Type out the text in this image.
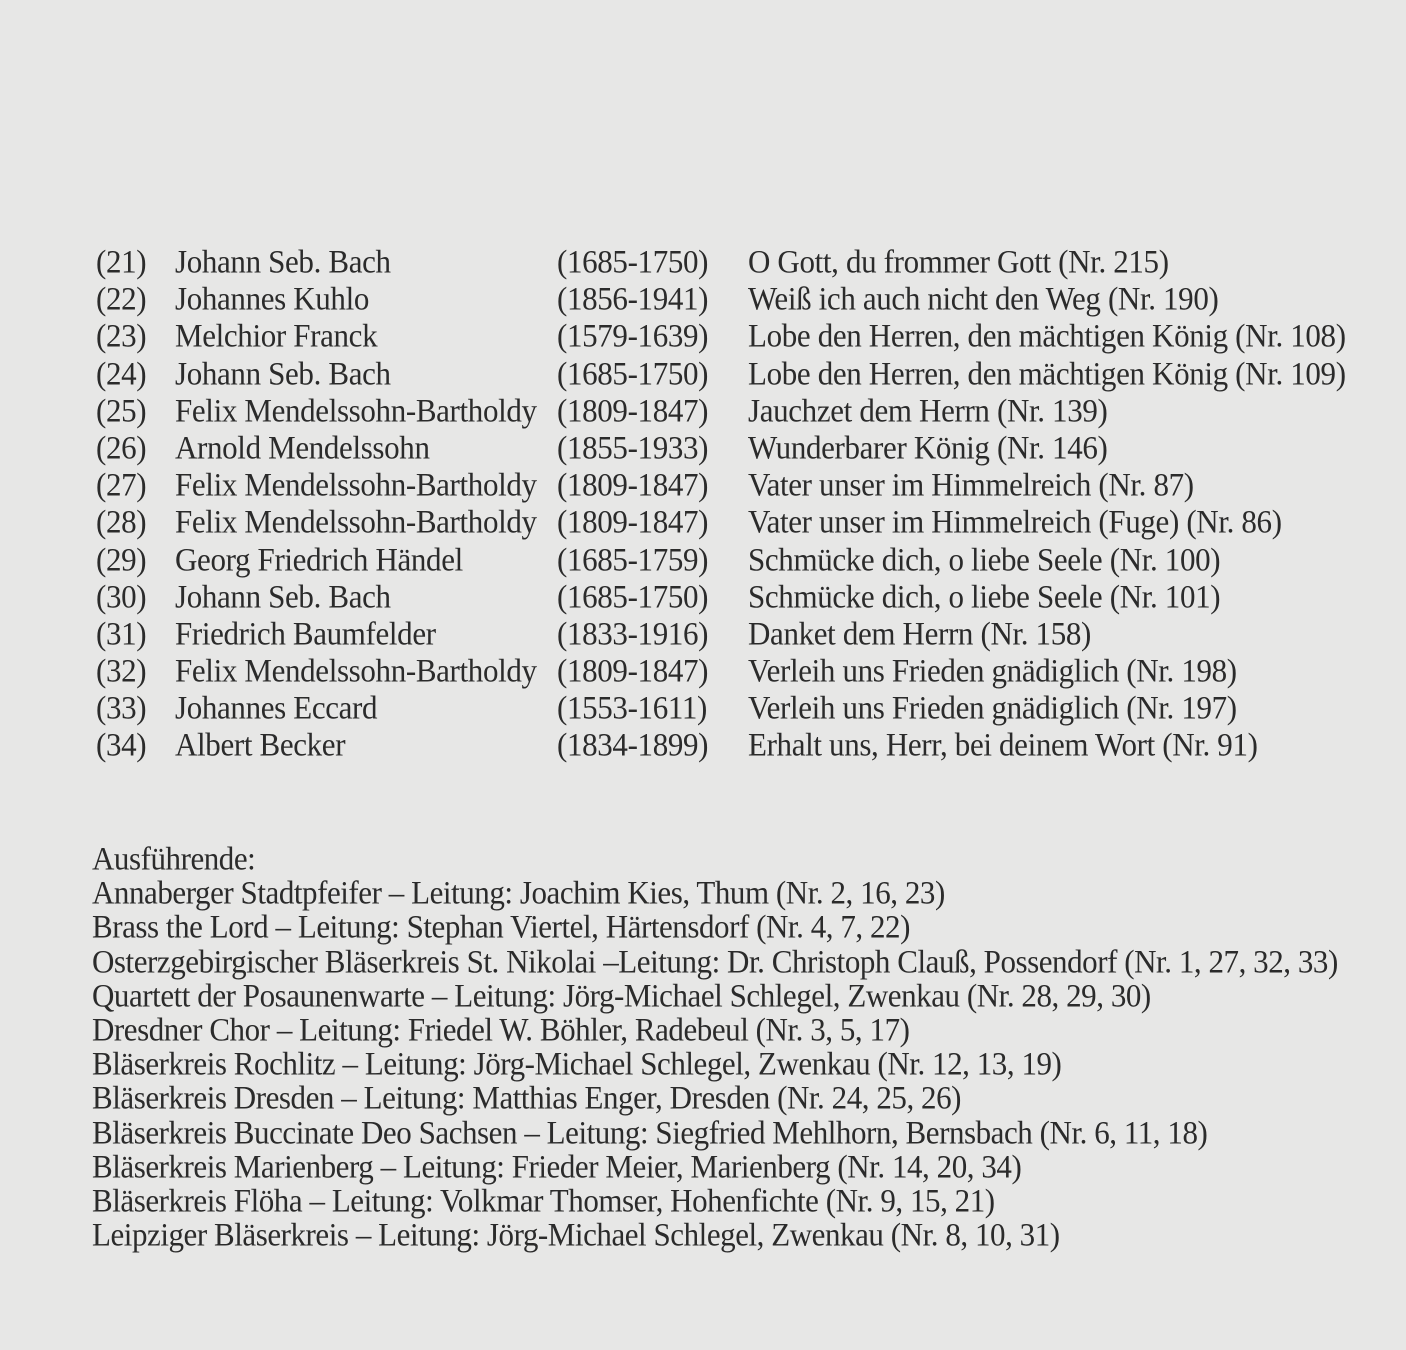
(21) Johann Seb. Bach	(1685-1750) O Gott, du frommer Gott (Nr. 215)
(22) Johannes Kuhlo	(1856-1941) Weiß ich auch nicht den Weg (Nr. 190)
(23) Melchior Franck	(1579-1639) Lobe den Herren, den mächtigen König (Nr. 108)
(24) Johann Seb. Bach	(1685-1750) Lobe den Herren, den mächtigen König (Nr. 109)
(25) Felix Mendelssohn-Bartholdy (1809-1847) Jauchzet dem Herrn (Nr. 139)
(26) Arnold Mendelssohn	(1855-1933) Wunderbarer König (Nr. 146)
(27) Felix Mendelssohn-Bartholdy (1809-1847) Vater unser im Himmelreich (Nr. 87)
(28) Felix Mendelssohn-Bartholdy (1809-1847) Vater unser im Himmelreich (Fuge) (Nr. 86)
(29) Georg Friedrich Händel	(1685-1759) Schmücke dich, o liebe Seele (Nr. 100)
(30) Johann Seb. Bach	(1685-1750) Schmücke dich, o liebe Seele (Nr. 101)
(31) Friedrich Baumfelder	(1833-1916) Danket dem Herrn (Nr. 158)
(32) Felix Mendelssohn-Bartholdy (1809-1847) Verleih uns Frieden gnädiglich (Nr. 198)
(33) Johannes Eccard	(1553-1611) Verleih uns Frieden gnädiglich (Nr. 197)
(34) Albert Becker	(1834-1899) Erhalt uns, Herr, bei deinem Wort (Nr. 91)
Ausführende:
Annaberger Stadtpfeifer – Leitung: Joachim Kies, Thum (Nr. 2, 16, 23)
Brass the Lord – Leitung: Stephan Viertel, Härtensdorf (Nr. 4, 7, 22)
Osterzgebirgischer Bläserkreis St. Nikolai –Leitung: Dr. Christoph Clauß, Possendorf (Nr. 1, 27, 32, 33)
Quartett der Posaunenwarte – Leitung: Jörg-Michael Schlegel, Zwenkau (Nr. 28, 29, 30)
Dresdner Chor – Leitung: Friedel W. Böhler, Radebeul (Nr. 3, 5, 17)
Bläserkreis Rochlitz – Leitung: Jörg-Michael Schlegel, Zwenkau (Nr. 12, 13, 19)
Bläserkreis Dresden – Leitung: Matthias Enger, Dresden (Nr. 24, 25, 26)
Bläserkreis Buccinate Deo Sachsen – Leitung: Siegfried Mehlhorn, Bernsbach (Nr. 6, 11, 18)
Bläserkreis Marienberg – Leitung: Frieder Meier, Marienberg (Nr. 14, 20, 34)
Bläserkreis Flöha – Leitung: Volkmar Thomser, Hohenfichte (Nr. 9, 15, 21)
Leipziger Bläserkreis – Leitung: Jörg-Michael Schlegel, Zwenkau (Nr. 8, 10, 31)
